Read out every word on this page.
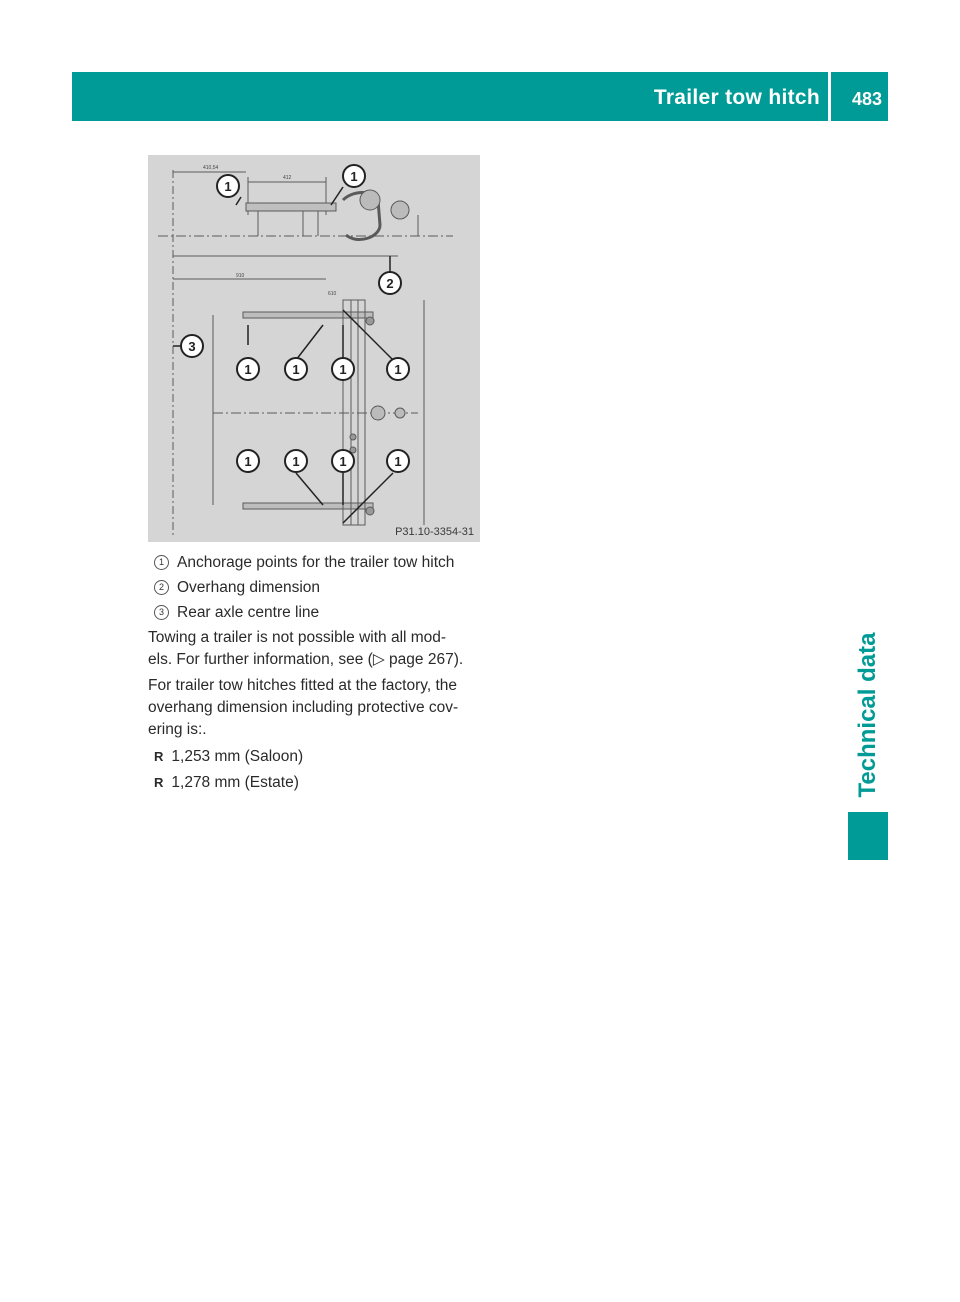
Trailer tow hitch 483
Technical data
410,54
412
910
610
1
1
2
3
1	1	1	1
1	1	1	1
P31.10-3354-31
1 Anchorage points for the trailer tow hitch
2 Overhang dimension
3 Rear axle centre line
Towing a trailer is not possible with all mod-
els. For further information, see (▷ page 267).
For trailer tow hitches fitted at the factory, the
overhang dimension including protective cov-
ering is:.
R 1,253 mm (Saloon)
R 1,278 mm (Estate)
